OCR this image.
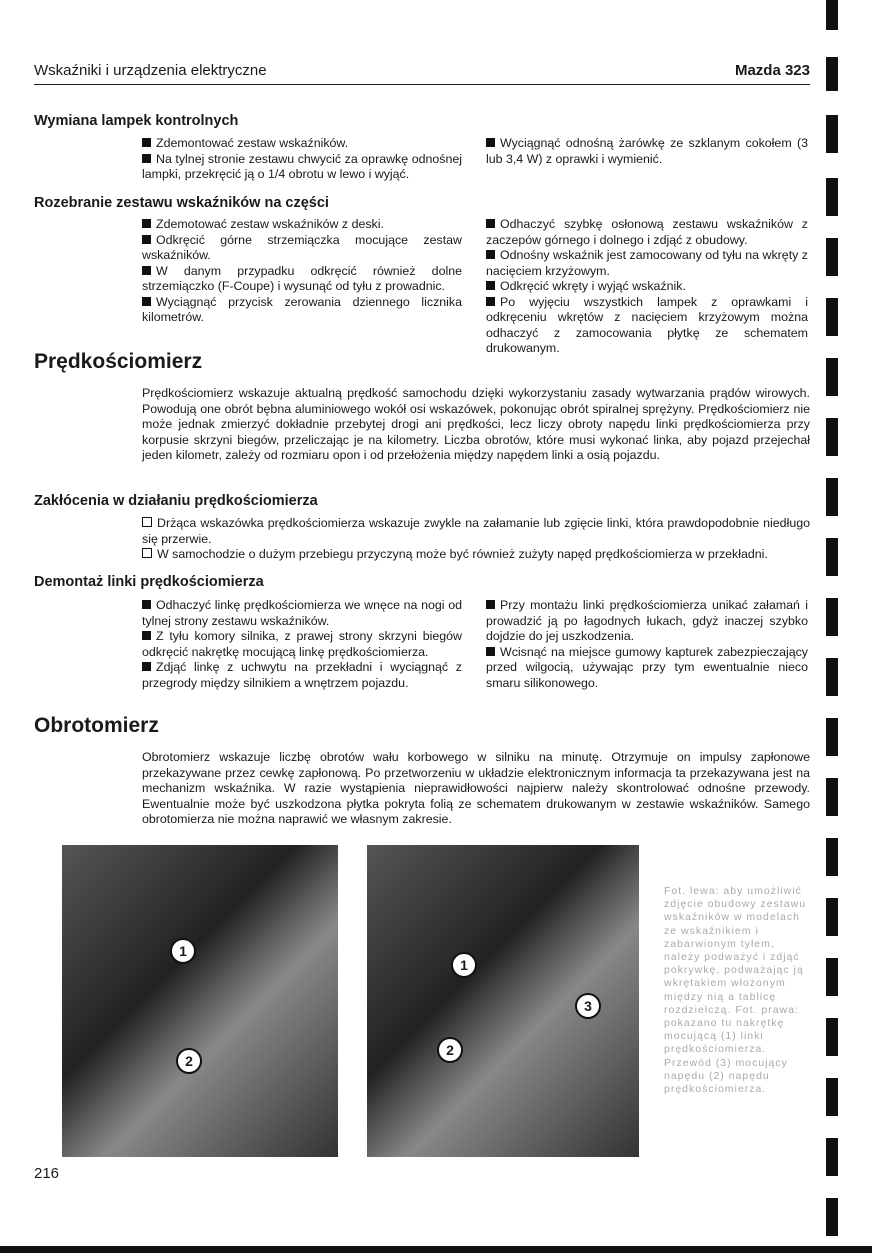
Wskaźniki i urządzenia elektryczne	Mazda 323
Wymiana lampek kontrolnych

Zdemontować zestaw wskaźników.

Na tylnej stronie zestawu chwycić za oprawkę odnośnej lampki, przekręcić ją o 1/4 obrotu w lewo i wyjąć.

Wyciągnąć odnośną żarówkę ze szklanym cokołem (3 lub 3,4 W) z oprawki i wymienić.

Rozebranie zestawu wskaźników na części

Zdemotować zestaw wskaźników z deski.

Odkręcić górne strzemiączka mocujące zestaw wskaźników.

W danym przypadku odkręcić również dolne strzemiączko (F-Coupe) i wysunąć od tyłu z prowadnic.

Wyciągnąć przycisk zerowania dziennego licznika kilometrów.

Odhaczyć szybkę osłonową zestawu wskaźników z zaczepów górnego i dolnego i zdjąć z obudowy.

Odnośny wskaźnik jest zamocowany od tyłu na wkręty z nacięciem krzyżowym.

Odkręcić wkręty i wyjąć wskaźnik.

Po wyjęciu wszystkich lampek z oprawkami i odkręceniu wkrętów z nacięciem krzyżowym można odhaczyć z zamocowania płytkę ze schematem drukowanym.

Prędkościomierz
Prędkościomierz wskazuje aktualną prędkość samochodu dzięki wykorzystaniu zasady wytwarzania prądów wirowych. Powodują one obrót bębna aluminiowego wokół osi wskazówek, pokonując obrót spiralnej sprężyny. Prędkościomierz nie może jednak zmierzyć dokładnie przebytej drogi ani prędkości, lecz liczy obroty napędu linki prędkościomierza przy korpusie skrzyni biegów, przeliczając je na kilometry. Liczba obrotów, które musi wykonać linka, aby pojazd przejechał jeden kilometr, zależy od rozmiaru opon i od przełożenia między napędem linki a osią pojazdu.
Zakłócenia w działaniu prędkościomierza

Drżąca wskazówka prędkościomierza wskazuje zwykle na załamanie lub zgięcie linki, która prawdopodobnie niedługo się przerwie.

W samochodzie o dużym przebiegu przyczyną może być również zużyty napęd prędkościomierza w przekładni.

Demontaż linki prędkościomierza

Odhaczyć linkę prędkościomierza we wnęce na nogi od tylnej strony zestawu wskaźników.

Z tyłu komory silnika, z prawej strony skrzyni biegów odkręcić nakrętkę mocującą linkę prędkościomierza.

Zdjąć linkę z uchwytu na przekładni i wyciągnąć z przegrody między silnikiem a wnętrzem pojazdu.

Przy montażu linki prędkościomierza unikać załamań i prowadzić ją po łagodnych łukach, gdyż inaczej szybko dojdzie do jej uszkodzenia.

Wcisnąć na miejsce gumowy kapturek zabezpieczający przed wilgocią, używając przy tym ewentualnie nieco smaru silikonowego.

Obrotomierz
Obrotomierz wskazuje liczbę obrotów wału korbowego w silniku na minutę. Otrzymuje on impulsy zapłonowe przekazywane przez cewkę zapłonową. Po przetworzeniu w układzie elektronicznym informacja ta przekazywana jest na mechanizm wskaźnika. W razie wystąpienia nieprawidłowości najpierw należy skontrolować odnośne przewody. Ewentualnie może być uszkodzona płytka pokryta folią ze schematem drukowanym w zestawie wskaźników. Samego obrotomierza nie można naprawić we własnym zakresie.
1
2
1
2
3
Fot. lewa: aby umożliwić zdjęcie obudowy zestawu wskaźników w modelach ze wskaźnikiem i zabarwionym tyłem, należy podważyć i zdjąć pokrywkę, podważając ją wkrętakiem włożonym między nią a tablicę rozdzielczą. Fot. prawa: pokazano tu nakrętkę mocującą (1) linki prędkościomierza. Przewód (3) mocujący napędu (2) napędu prędkościomierza.
216
